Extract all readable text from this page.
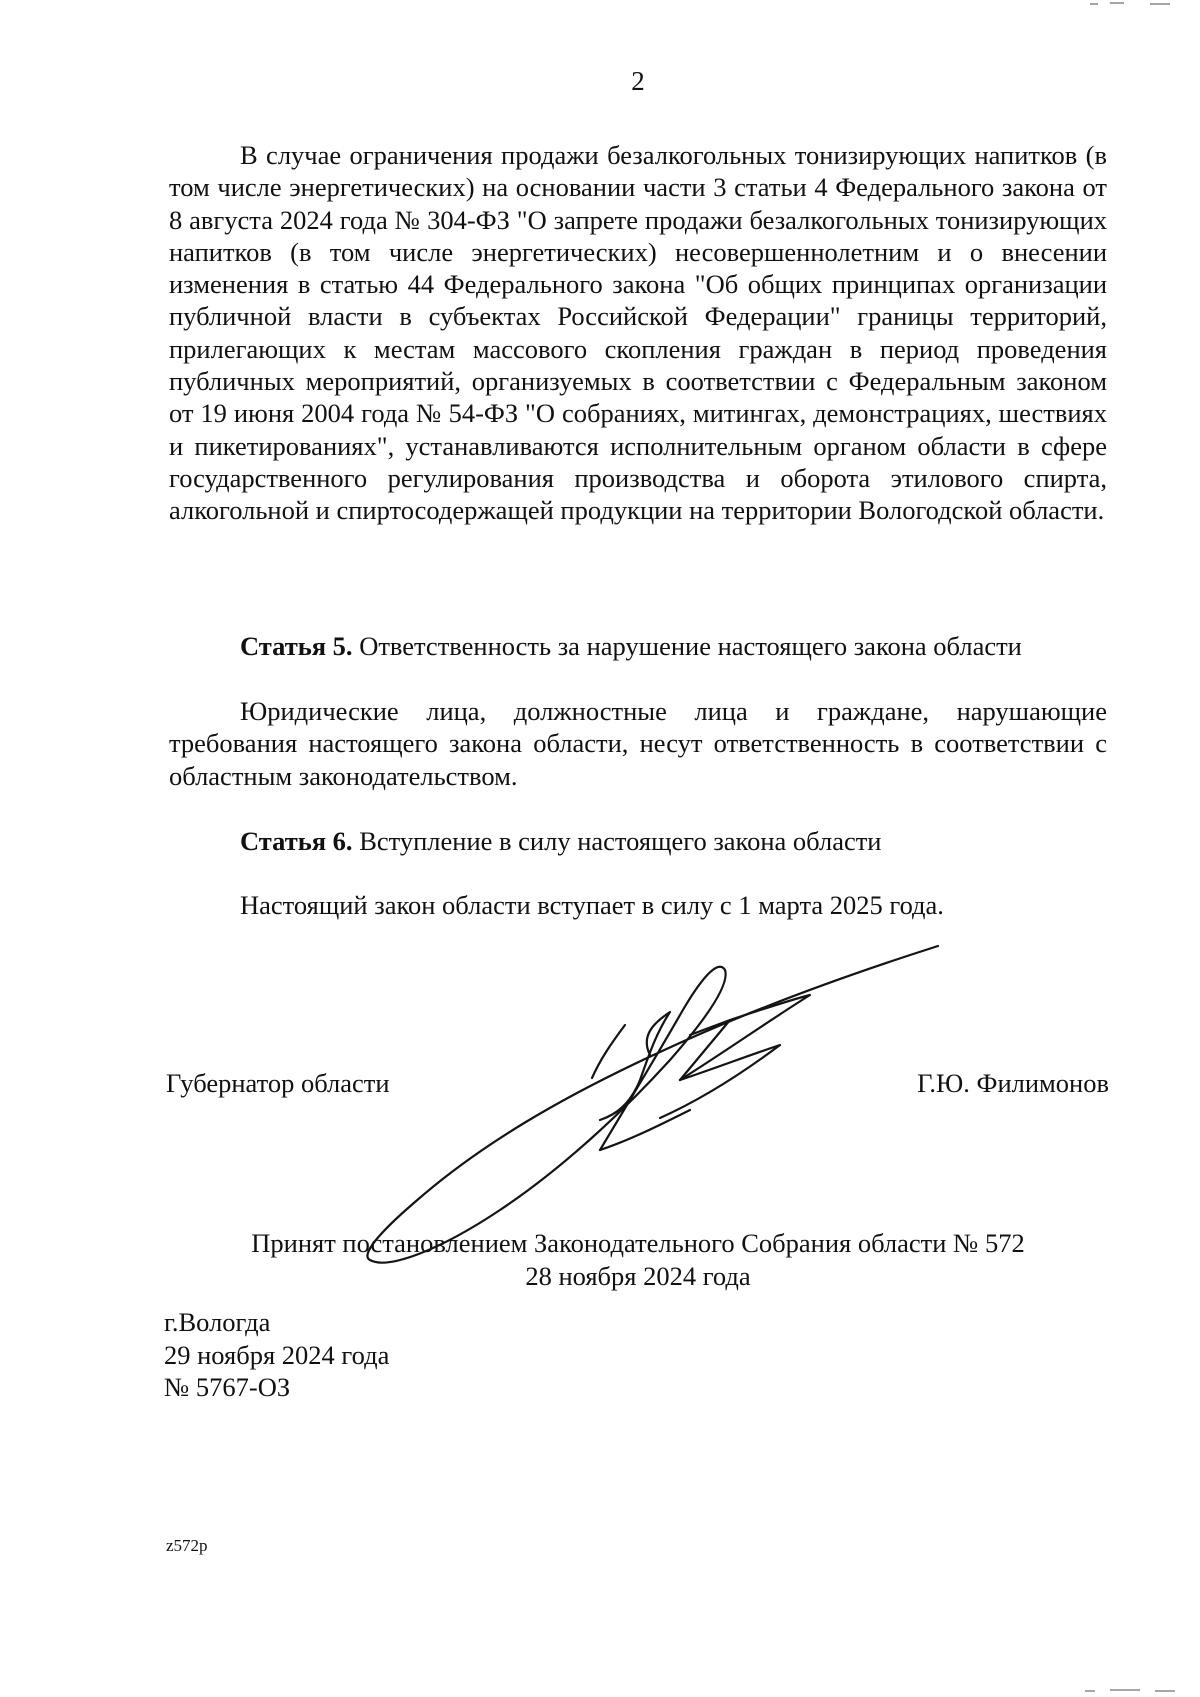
2
В случае ограничения продажи безалкогольных тонизирующих напитков (в том числе энергетических) на основании части 3 статьи 4 Федерального закона от 8 августа 2024 года № 304-ФЗ "О запрете продажи безалкогольных тонизирующих напитков (в том числе энергетических) несовершеннолетним и о внесении изменения в статью 44 Федерального закона "Об общих принципах организации публичной власти в субъектах Российской Федерации" границы территорий, прилегающих к местам массового скопления граждан в период проведения публичных мероприятий, организуемых в соответствии с Федеральным законом от 19 июня 2004 года № 54-ФЗ "О собраниях, митингах, демонстрациях, шествиях и пикетированиях", устанавливаются исполнительным органом области в сфере государственного регулирования производства и оборота этилового спирта, алкогольной и спиртосодержащей продукции на территории Вологодской области.
Статья 5. Ответственность за нарушение настоящего закона области
Юридические лица, должностные лица и граждане, нарушающие требования настоящего закона области, несут ответственность в соответствии с областным законодательством.
Статья 6. Вступление в силу настоящего закона области
Настоящий закон области вступает в силу с 1 марта 2025 года.
Губернатор области	Г.Ю. Филимонов
Принят постановлением Законодательного Собрания области № 572
28 ноября 2024 года
г.Вологда
29 ноября 2024 года
№ 5767-ОЗ
z572p
